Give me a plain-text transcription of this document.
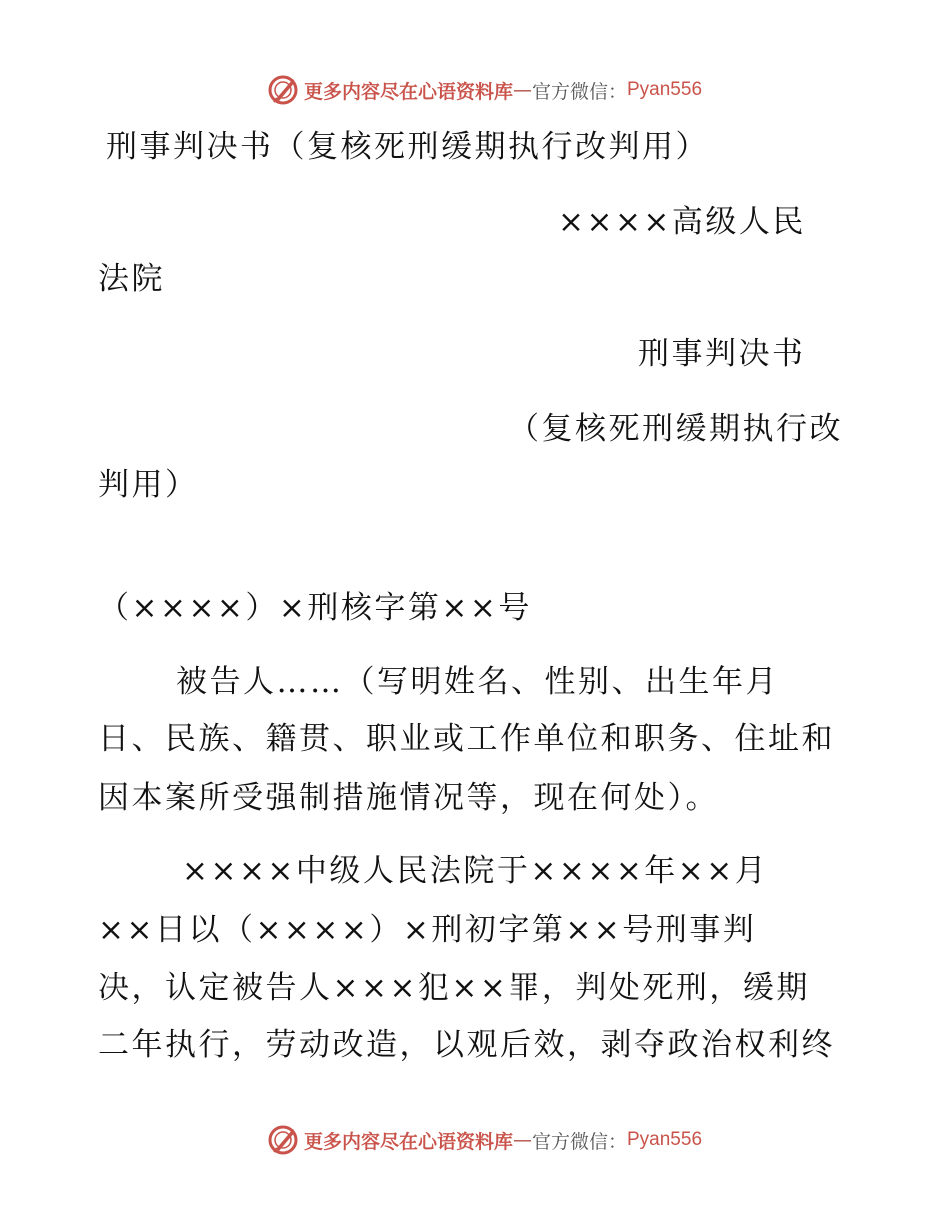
更多内容尽在心语资料库 — 官方微信： Pyan556
刑事判决书（复核死刑缓期执行改判用）
××××高级人民
法院
刑事判决书
（复核死刑缓期执行改
判用）
（××××）×刑核字第××号
被告人……（写明姓名、性别、出生年月
日、民族、籍贯、职业或工作单位和职务、住址和
因本案所受强制措施情况等，现在何处）。
××××中级人民法院于××××年××月
××日以（××××）×刑初字第××号刑事判
决，认定被告人×××犯××罪，判处死刑，缓期
二年执行，劳动改造，以观后效，剥夺政治权利终
更多内容尽在心语资料库 — 官方微信： Pyan556
